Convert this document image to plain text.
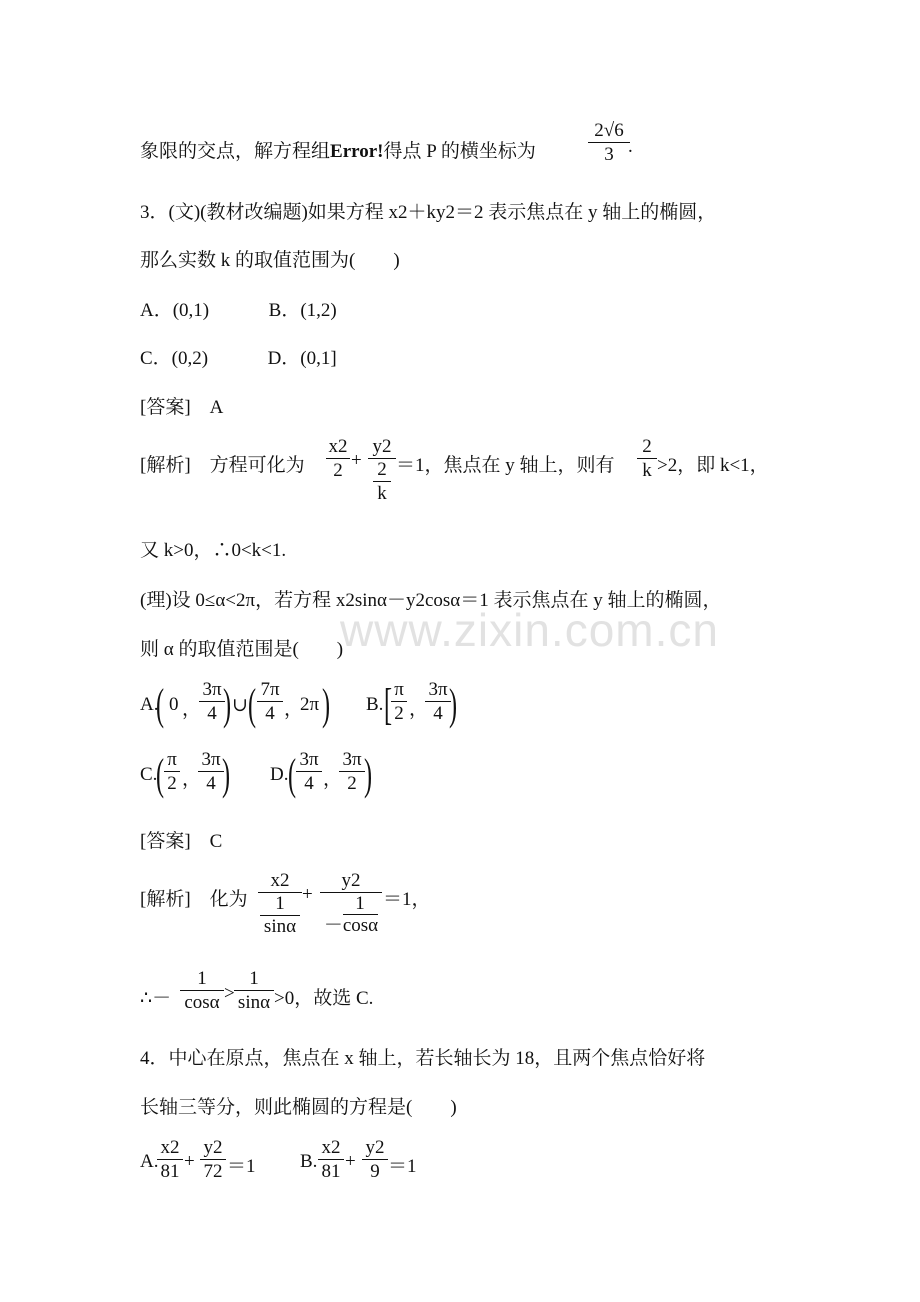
www.zixin.com.cn
象限的交点，解方程组Error!得点 P 的横坐标为	$\frac{2√6}{3}$
.
3．(文)(教材改编题)如果方程 x2＋ky2＝2 表示焦点在 y 轴上的椭圆，
那么实数 k 的取值范围为(　　)
A．(0,1)	B．(1,2)
C．(0,2)	D．(0,1]
[答案]　A
[解析]　方程可化为 $\frac{x2}{2}$ +
y2
2
k
＝1，焦点在 y 轴上，则有 $\frac{2}{k} >2$，即 k<1，
又 k>0，∴0<k<1.
(理)设 0≤α<2π，若方程 x2sinα－y2cosα＝1 表示焦点在 y 轴上的椭圆，
则 α 的取值范围是(　　)
A.
( 0 ，
$\frac{3\pi}{4}$
) ∪ ( $\frac{7\pi}{4}$ ，
2π ) B. [
$\frac{\pi}{2}$ ，
$\frac{3\pi}{4}$
)
C.
( $\frac{\pi}{2}$ ，
$\frac{3\pi}{4}$
) D. ( $\frac{3\pi}{4}$ ，
$\frac{3\pi}{2}$ )
[答案]　C
[解析]　化为
x2
1
sinα
+
y2
1
－cosα
＝1，
∴－ $\frac{1}{\cos\alpha} > \frac{1}{\sin\alpha} >0$，故选 C.
4．中心在原点，焦点在 x 轴上，若长轴长为 18，且两个焦点恰好将
长轴三等分，则此椭圆的方程是(　　)
A.
$\frac{x2}{81} + \frac{y2}{72} =1$ B. $\frac{x2}{81} + \frac{y2}{9} =1$
